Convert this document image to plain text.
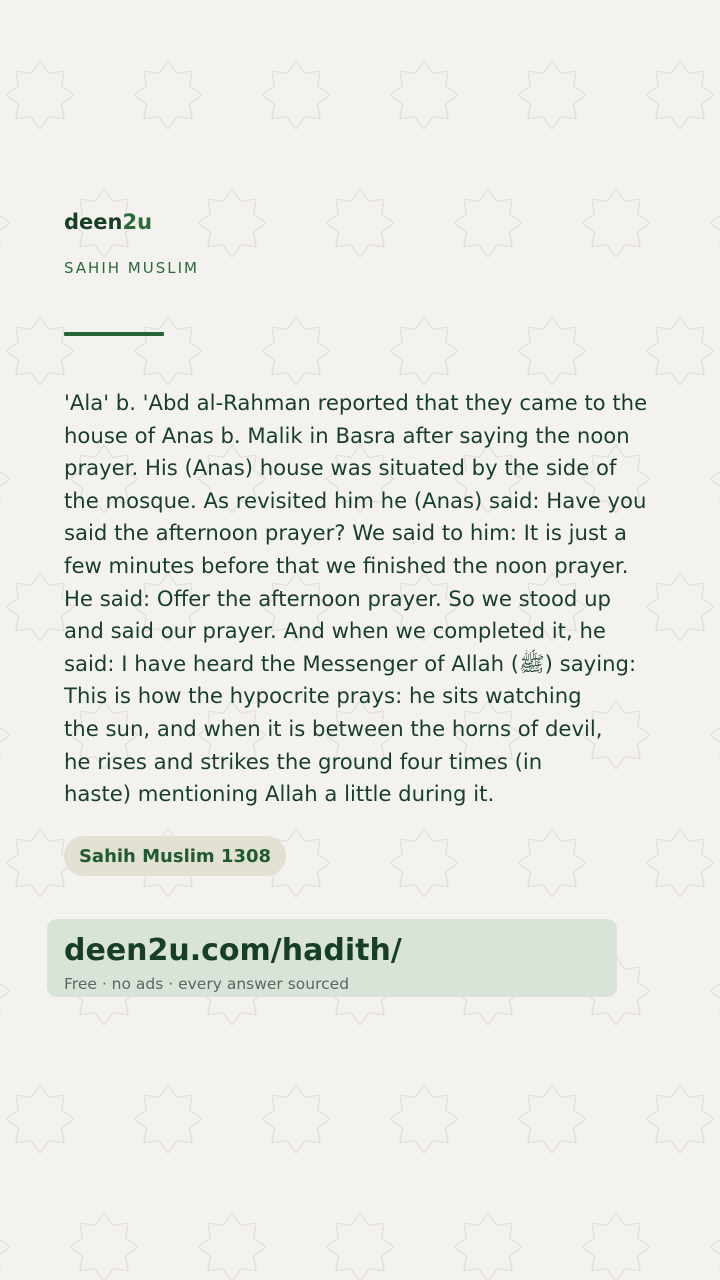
deen2u
SAHIH MUSLIM
'Ala' b. 'Abd al-Rahman reported that they came to the
house of Anas b. Malik in Basra after saying the noon
prayer. His (Anas) house was situated by the side of
the mosque. As revisited him he (Anas) said: Have you
said the afternoon prayer? We said to him: It is just a
few minutes before that we finished the noon prayer.
He said: Offer the afternoon prayer. So we stood up
and said our prayer. And when we completed it, he
said: I have heard the Messenger of Allah (ﷺ) saying:
This is how the hypocrite prays: he sits watching
the sun, and when it is between the horns of devil,
he rises and strikes the ground four times (in
haste) mentioning Allah a little during it.
Sahih Muslim 1308
deen2u.com/hadith/
Free · no ads · every answer sourced
